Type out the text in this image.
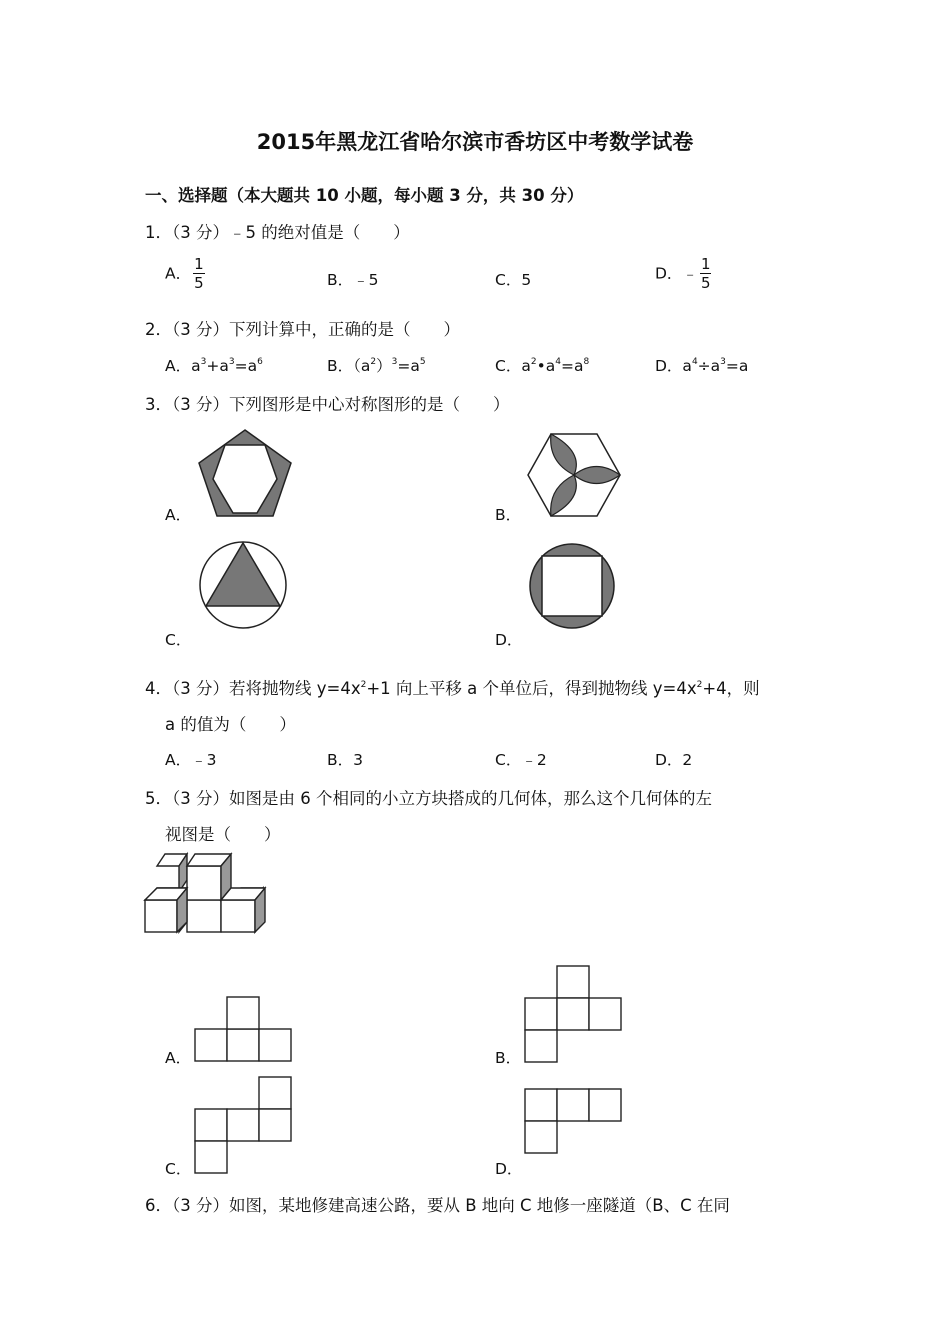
2015年黑龙江省哈尔滨市香坊区中考数学试卷
一、选择题（本大题共 10 小题，每小题 3 分，共 30 分）
1．（3 分）﹣5 的绝对值是（　　）
A． $\frac{1}{5}$	B．﹣5	C．5	D．﹣ $\frac{1}{5}$
2．（3 分）下列计算中，正确的是（　　）
A．$a^3+a^3=a^6$	B．$(a^2)^3=a^5$	C．$a^2•a^4=a^8$	D．$a^4\div a^3=a$
3．（3 分）下列图形是中心对称图形的是（　　）
A．	B．
C．	D．
4．（3 分）若将抛物线 $y=4x^2+1$ 向上平移 a 个单位后，得到抛物线 $y=4x^2+4$，则
a 的值为（　　）
A．﹣3	B．3	C．﹣2	D．2
5．（3 分）如图是由 6 个相同的小立方块搭成的几何体，那么这个几何体的左
视图是（　　）
A．	B．
C．	D．
6．（3 分）如图，某地修建高速公路，要从 B 地向 C 地修一座隧道（B、C 在同
